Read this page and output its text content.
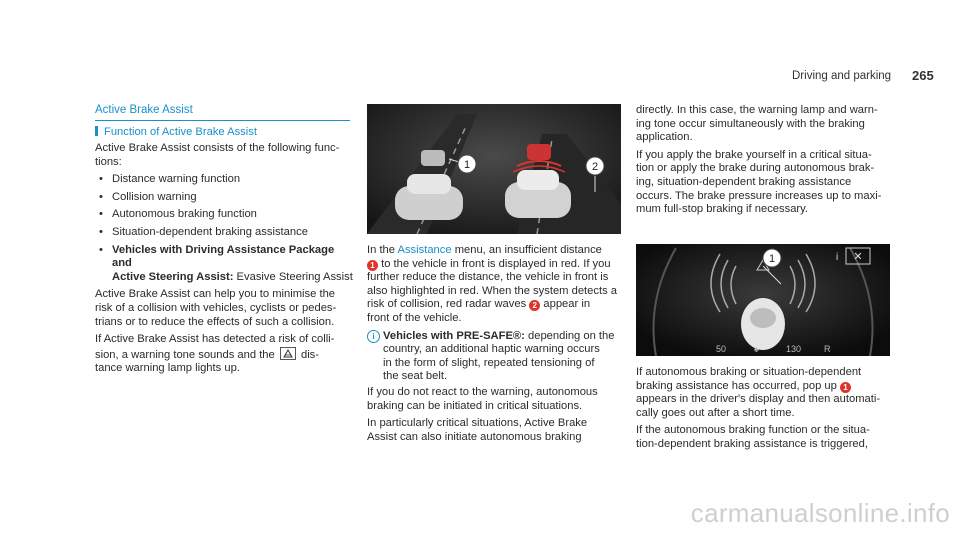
Driving and parking 265

Active Brake Assist

Function of Active Brake Assist

Active Brake Assist consists of the following func-

tions:

• Distance warning function

• Collision warning

• Autonomous braking function

• Situation-dependent braking assistance

• Vehicles with Driving Assistance Package and

Active Steering Assist: Evasive Steering Assist

Active Brake Assist can help you to minimise the

risk of a collision with vehicles, cyclists or pedes-

trians or to reduce the effects of such a collision.

If Active Brake Assist has detected a risk of colli-

sion, a warning tone sounds and the
dis-

tance warning lamp lights up.

1	2

In the Assistance menu, an insufficient distance

1 to the vehicle in front is displayed in red. If you

further reduce the distance, the vehicle in front is

also highlighted in red. When the system detects a

risk of collision, red radar waves 2 appear in

front of the vehicle.

i Vehicles with PRE-SAFE®: depending on the

country, an additional haptic warning occurs

in the form of slight, repeated tensioning of

the seat belt.

If you do not react to the warning, autonomous

braking can be initiated in critical situations.

In particularly critical situations, Active Brake

Assist can also initiate autonomous braking

directly. In this case, the warning lamp and warn-

ing tone occur simultaneously with the braking

application.

If you apply the brake yourself in a critical situa-

tion or apply the brake during autonomous brak-

ing, situation-dependent braking assistance

occurs. The brake pressure increases up to maxi-

mum full-stop braking if necessary.

✕
i
1
50	♠	130	R

If autonomous braking or situation-dependent

braking assistance has occurred, pop up 1

appears in the driver's display and then automati-

cally goes out after a short time.

If the autonomous braking function or the situa-

tion-dependent braking assistance is triggered,

carmanualsonline.info
